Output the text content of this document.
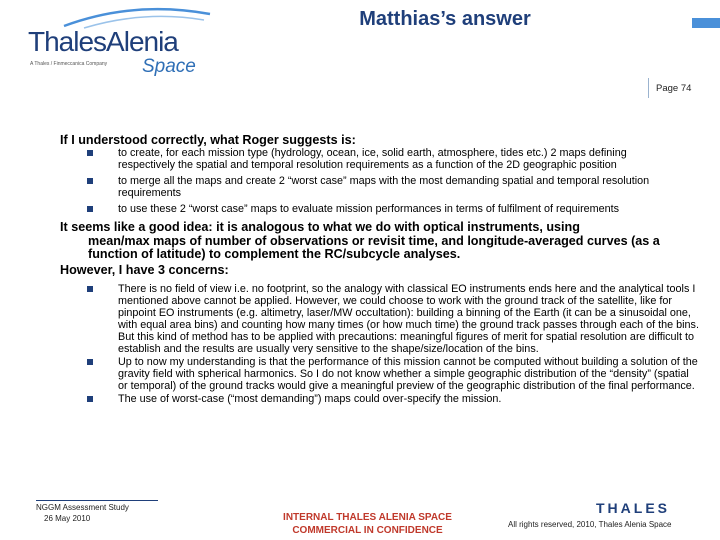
ThalesAlenia
A Thales / Finmeccanica Company Space
Matthias’s answer
Page 74
If I understood correctly, what Roger suggests is:
to create, for each mission type (hydrology, ocean, ice, solid earth, atmosphere, tides etc.) 2 maps defining respectively the spatial and temporal resolution requirements as a function of the 2D geographic position
to merge all the maps and create 2 “worst case” maps with the most demanding spatial and temporal resolution requirements
to use these 2 “worst case” maps to evaluate mission performances in terms of fulfilment of requirements
It seems like a good idea: it is analogous to what we do with optical instruments, using
mean/max maps of number of observations or revisit time, and longitude-averaged curves (as a function of latitude) to complement the RC/subcycle analyses.
However, I have 3 concerns:
There is no field of view i.e. no footprint, so the analogy with classical EO instruments ends here and the analytical tools I mentioned above cannot be applied. However, we could choose to work with the ground track of the satellite, like for pinpoint EO instruments (e.g. altimetry, laser/MW occultation): building a binning of the Earth (it can be a sinusoidal one, with equal area bins) and counting how many times (or how much time) the ground track passes through each of the bins. But this kind of method has to be applied with precautions: meaningful figures of merit for spatial resolution are difficult to establish and the results are usually very sensitive to the shape/size/location of the bins.
Up to now my understanding is that the performance of this mission cannot be computed without building a solution of the gravity field with spherical harmonics. So I do not know whether a simple geographic distribution of the “density” (spatial or temporal) of the ground tracks would give a meaningful preview of the geographic distribution of the final performance.
The use of worst-case (“most demanding”) maps could over-specify the mission.
NGGM Assessment Study
26 May 2010	INTERNAL THALES ALENIA SPACE
COMMERCIAL IN CONFIDENCE
THALES
All rights reserved, 2010, Thales Alenia Space
